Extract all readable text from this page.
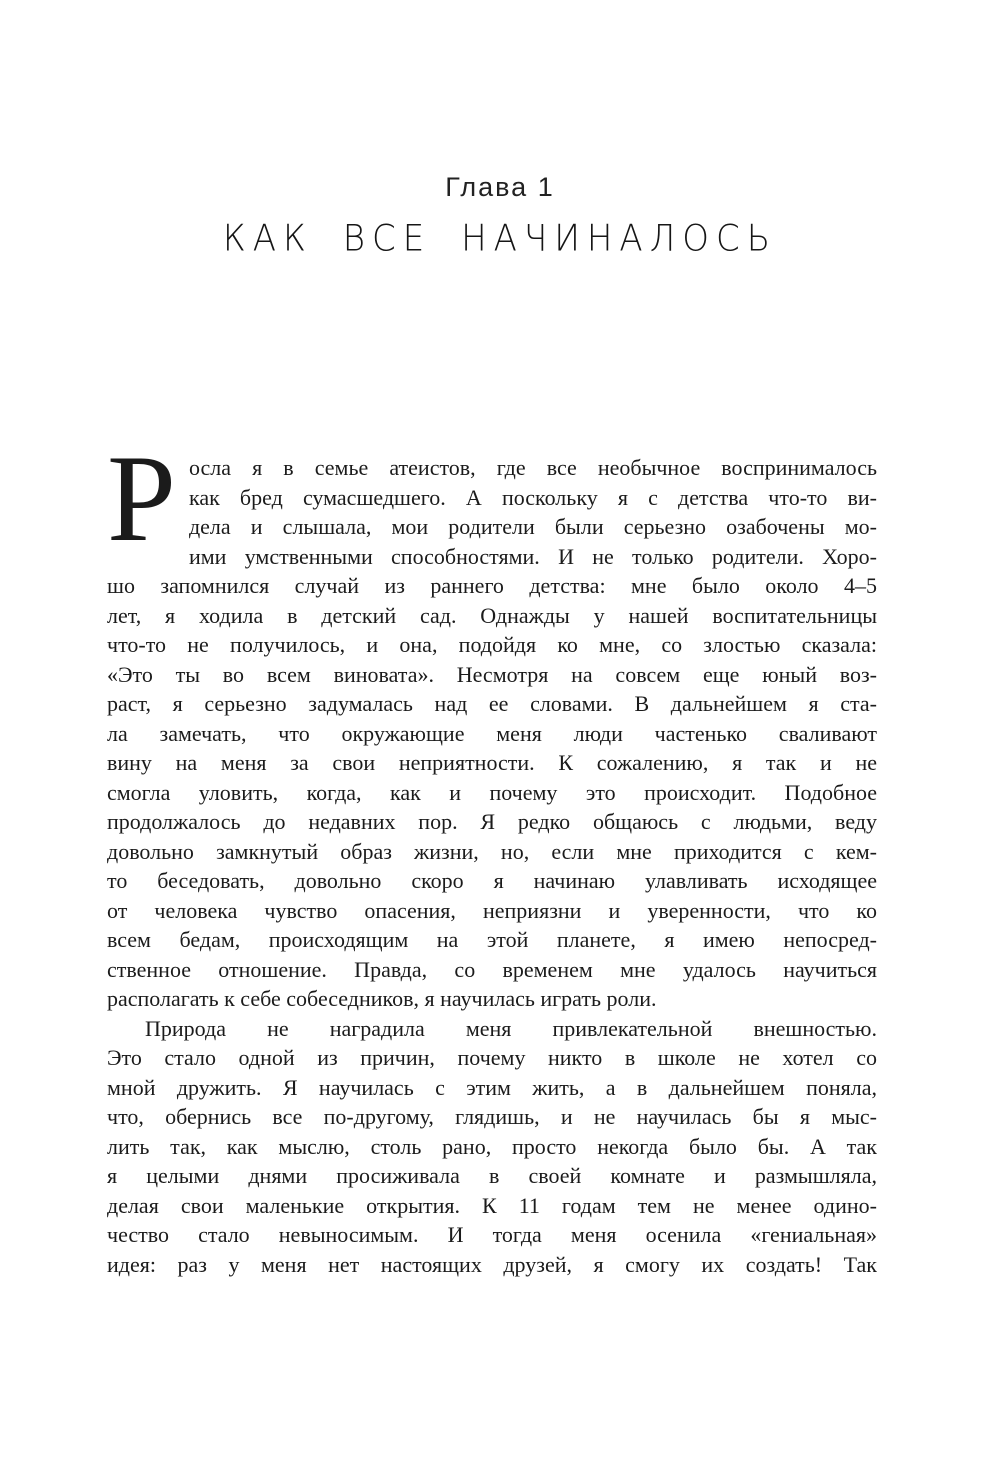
Глава 1
КАК ВСЕ НАЧИНАЛОСЬ
Р осла я в семье атеистов, где все необычное воспринималось
как бред сумасшедшего. А поскольку я с детства что-то ви-
дела и слышала, мои родители были серьезно озабочены мо-
ими умственными способностями. И не только родители. Хоро-
шо запомнился случай из раннего детства: мне было около 4–5
лет, я ходила в детский сад. Однажды у нашей воспитательницы
что-то не получилось, и она, подойдя ко мне, со злостью сказала:
«Это ты во всем виновата». Несмотря на совсем еще юный воз-
раст, я серьезно задумалась над ее словами. В дальнейшем я ста-
ла замечать, что окружающие меня люди частенько сваливают
вину на меня за свои неприятности. К сожалению, я так и не
смогла уловить, когда, как и почему это происходит. Подобное
продолжалось до недавних пор. Я редко общаюсь с людьми, веду
довольно замкнутый образ жизни, но, если мне приходится с кем-
то беседовать, довольно скоро я начинаю улавливать исходящее
от человека чувство опасения, неприязни и уверенности, что ко
всем бедам, происходящим на этой планете, я имею непосред-
ственное отношение. Правда, со временем мне удалось научиться
располагать к себе собеседников, я научилась играть роли.
Природа не наградила меня привлекательной внешностью.
Это стало одной из причин, почему никто в школе не хотел со
мной дружить. Я научилась с этим жить, а в дальнейшем поняла,
что, обернись все по-другому, глядишь, и не научилась бы я мыс-
лить так, как мыслю, столь рано, просто некогда было бы. А так
я целыми днями просиживала в своей комнате и размышляла,
делая свои маленькие открытия. К 11 годам тем не менее одино-
чество стало невыносимым. И тогда меня осенила «гениальная»
идея: раз у меня нет настоящих друзей, я смогу их создать! Так
